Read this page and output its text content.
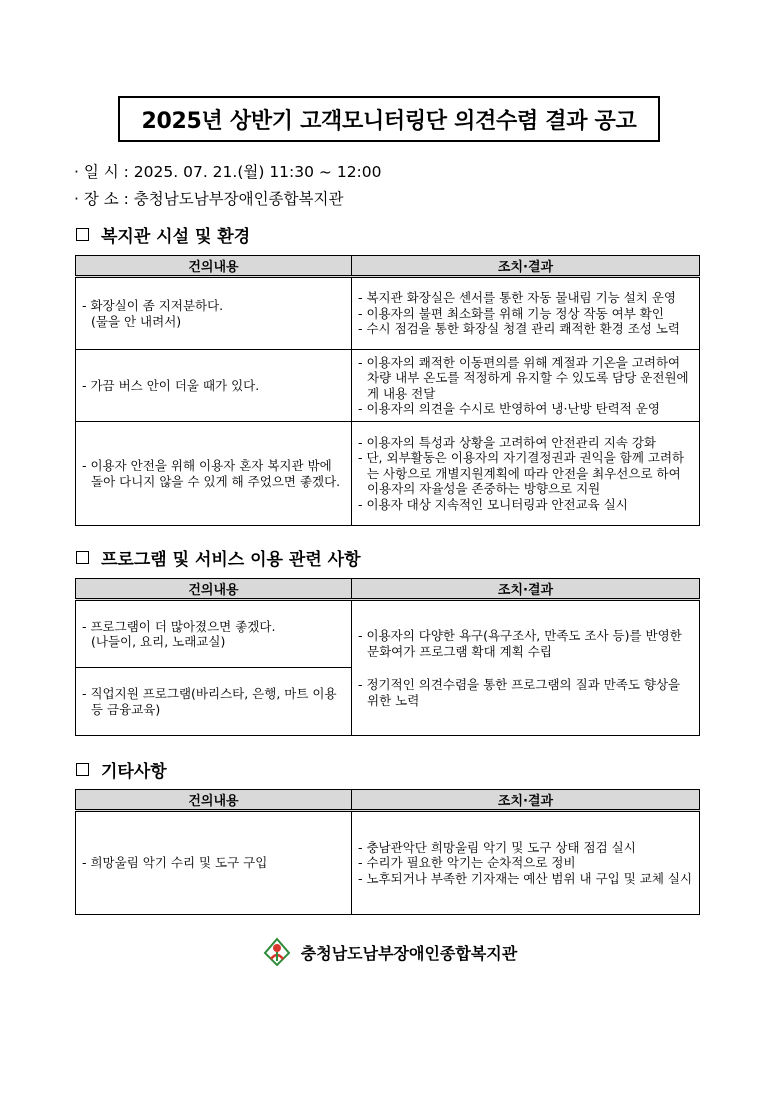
2025년 상반기 고객모니터링단 의견수렴 결과 공고
· 일 시 : 2025. 07. 21.(월) 11:30 ~ 12:00
· 장 소 : 충청남도남부장애인종합복지관
복지관 시설 및 환경
건의내용	조치·결과

- 화장실이 좀 지저분하다.
(물을 안 내려서)	- 복지관 화장실은 센서를 통한 자동 물내림 기능 설치 운영
- 이용자의 불편 최소화를 위해 기능 정상 작동 여부 확인
- 수시 점검을 통한 화장실 청결 관리 쾌적한 환경 조성 노력

- 가끔 버스 안이 더울 때가 있다.	- 이용자의 쾌적한 이동편의를 위해 계절과 기온을 고려하여 차량 내부 온도를 적정하게 유지할 수 있도록 담당 운전원에게 내용 전달
- 이용자의 의견을 수시로 반영하여 냉·난방 탄력적 운영

- 이용자 안전을 위해 이용자 혼자 복지관 밖에 돌아 다니지 않을 수 있게 해 주었으면 좋겠다.	- 이용자의 특성과 상황을 고려하여 안전관리 지속 강화
- 단, 외부활동은 이용자의 자기결정권과 권익을 함께 고려하는 사항으로 개별지원계획에 따라 안전을 최우선으로 하여 이용자의 자율성을 존중하는 방향으로 지원
- 이용자 대상 지속적인 모니터링과 안전교육 실시
프로그램 및 서비스 이용 관련 사항
건의내용	조치·결과

- 프로그램이 더 많아졌으면 좋겠다.
(나들이, 요리, 노래교실)	- 이용자의 다양한 욕구(욕구조사, 만족도 조사 등)를 반영한 문화여가 프로그램 확대 계획 수립
- 정기적인 의견수렴을 통한 프로그램의 질과 만족도 향상을 위한 노력

- 직업지원 프로그램(바리스타, 은행, 마트 이용 등 금융교육)	
기타사항
건의내용	조치·결과

- 희망울림 악기 수리 및 도구 구입	- 충남관악단 희망울림 악기 및 도구 상태 점검 실시
- 수리가 필요한 악기는 순차적으로 정비
- 노후되거나 부족한 기자재는 예산 범위 내 구입 및 교체 실시
충청남도남부장애인종합복지관
